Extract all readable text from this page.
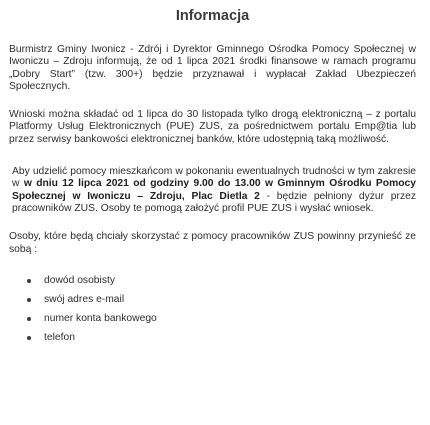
Informacja

Burmistrz Gminy Iwonicz - Zdrój i Dyrektor Gminnego Ośrodka Pomocy Społecznej w Iwoniczu – Zdroju informują, że od 1 lipca 2021 środki finansowe w ramach programu „Dobry Start” (tzw. 300+) będzie przyznawał i wypłacał Zakład Ubezpieczeń Społecznych.

Wnioski można składać od 1 lipca do 30 listopada tylko drogą elektroniczną – z portalu Platformy Usług Elektronicznych (PUE) ZUS, za pośrednictwem portalu Emp@tia lub przez serwisy bankowości elektronicznej banków, które udostępnią taką możliwość.

Aby udzielić pomocy mieszkańcom w pokonaniu ewentualnych trudności w tym zakresie w w dniu 12 lipca 2021 od godziny 9.00 do 13.00 w Gminnym Ośrodku Pomocy Społecznej w Iwoniczu – Zdroju, Plac Dietla 2 - będzie pełniony dyżur przez pracowników ZUS. Osoby te pomogą założyć profil PUE ZUS i wysłać wniosek.

Osoby, które będą chciały skorzystać z pomocy pracowników ZUS powinny przynieść ze sobą :

dowód osobisty
swój adres e-mail
numer konta bankowego
telefon
